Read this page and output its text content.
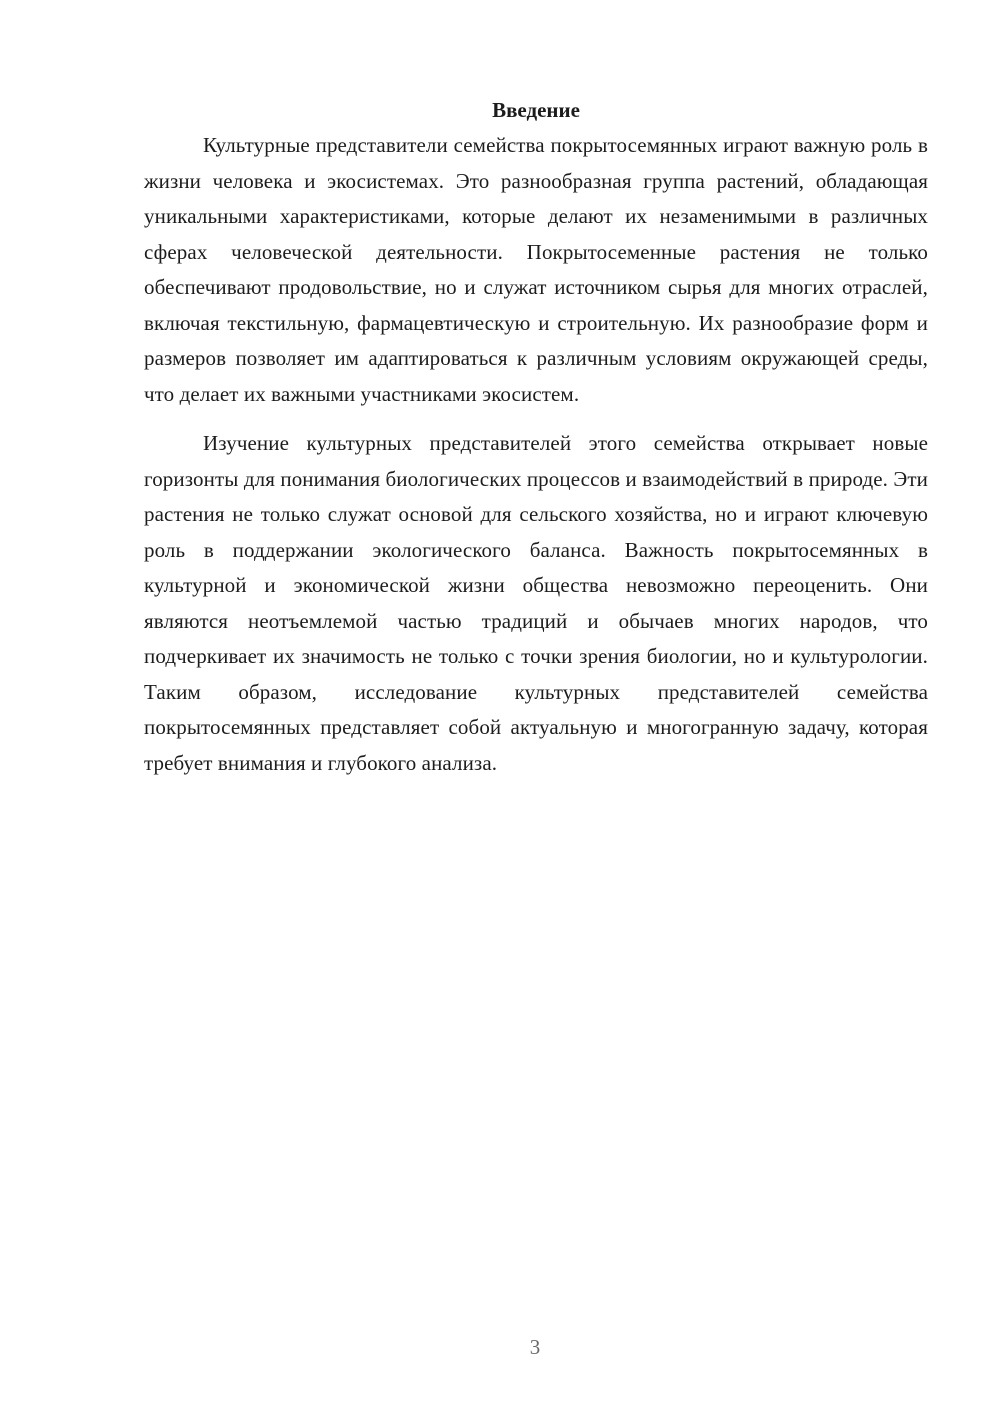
Введение

Культурные представители семейства покрытосемянных играют важную роль в жизни человека и экосистемах. Это разнообразная группа растений, обладающая уникальными характеристиками, которые делают их незаменимыми в различных сферах человеческой деятельности. Покрытосеменные растения не только обеспечивают продовольствие, но и служат источником сырья для многих отраслей, включая текстильную, фармацевтическую и строительную. Их разнообразие форм и размеров позволяет им адаптироваться к различным условиям окружающей среды, что делает их важными участниками экосистем.

Изучение культурных представителей этого семейства открывает новые горизонты для понимания биологических процессов и взаимодействий в природе. Эти растения не только служат основой для сельского хозяйства, но и играют ключевую роль в поддержании экологического баланса. Важность покрытосемянных в культурной и экономической жизни общества невозможно переоценить. Они являются неотъемлемой частью традиций и обычаев многих народов, что подчеркивает их значимость не только с точки зрения биологии, но и культурологии. Таким образом, исследование культурных представителей семейства покрытосемянных представляет собой актуальную и многогранную задачу, которая требует внимания и глубокого анализа.

3
